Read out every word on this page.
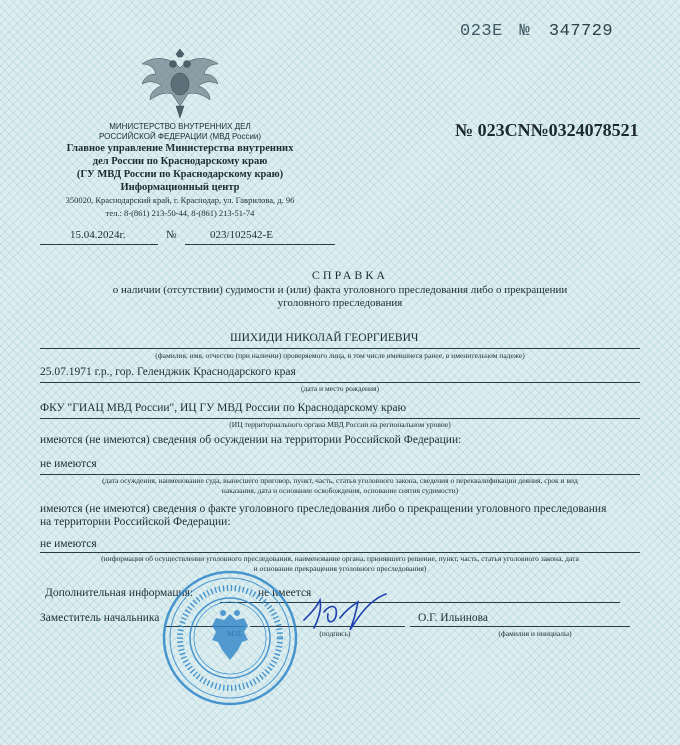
023Е № 347729
№ 023СN№0324078521
МИНИСТЕРСТВО ВНУТРЕННИХ ДЕЛ
РОССИЙСКОЙ ФЕДЕРАЦИИ (МВД России)
Главное управление Министерства внутренних
дел России по Краснодарскому краю
(ГУ МВД России по Краснодарскому краю)
Информационный центр
350020, Краснодарский край, г. Краснодар, ул. Гаврилова, д. 96
тел.: 8-(861) 213-50-44, 8-(861) 213-51-74
15.04.2024г.	№	023/102542-Е
СПРАВКА
о наличии (отсутствии) судимости и (или) факта уголовного преследования либо о прекращении
уголовного преследования
ШИХИДИ НИКОЛАЙ ГЕОРГИЕВИЧ
(фамилия, имя, отчество (при наличии) проверяемого лица, в том числе имевшиеся ранее, в именительном падеже)
25.07.1971 г.р., гор. Геленджик Краснодарского края
(дата и место рождения)
ФКУ "ГИАЦ МВД России", ИЦ ГУ МВД России по Краснодарскому краю
(ИЦ территориального органа МВД России на региональном уровне)
имеются (не имеются) сведения об осуждении на территории Российской Федерации:
не имеются
(дата осуждения, наименование суда, вынесшего приговор, пункт, часть, статья уголовного закона, сведения о переквалификации деяния, срок и вид
наказания, дата и основание освобождения, основание снятия судимости)
имеются (не имеются) сведения о факте уголовного преследования либо о прекращении уголовного преследования
на территории Российской Федерации:
не имеются
(информация об осуществлении уголовного преследования, наименование органа, принявшего решение, пункт, часть, статья уголовного закона, дата
и основание прекращения уголовного преследования)
Дополнительная информация:	не имеется
Заместитель начальника	О.Г. Ильинова
(подпись)	(фамилия и инициалы)
